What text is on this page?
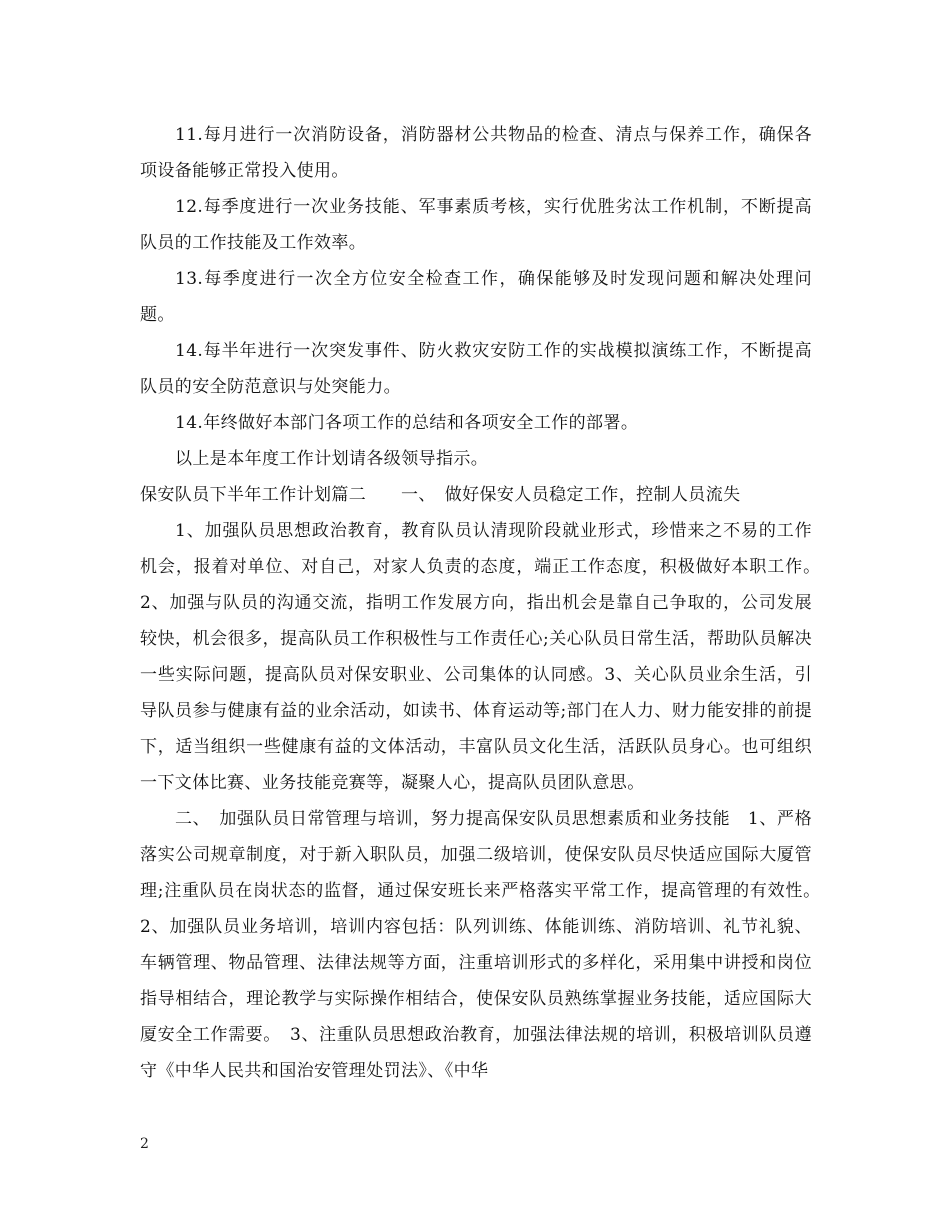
11.每月进行一次消防设备，消防器材公共物品的检查、清点与保养工作，确保各项设备能够正常投入使用。

12.每季度进行一次业务技能、军事素质考核，实行优胜劣汰工作机制，不断提高队员的工作技能及工作效率。

13.每季度进行一次全方位安全检查工作，确保能够及时发现问题和解决处理问题。

14.每半年进行一次突发事件、防火救灾安防工作的实战模拟演练工作，不断提高队员的安全防范意识与处突能力。

14.年终做好本部门各项工作的总结和各项安全工作的部署。

以上是本年度工作计划请各级领导指示。

保安队员下半年工作计划篇二　　一、　做好保安人员稳定工作，控制人员流失

1、加强队员思想政治教育，教育队员认清现阶段就业形式，珍惜来之不易的工作机会，报着对单位、对自己，对家人负责的态度，端正工作态度，积极做好本职工作。　2、加强与队员的沟通交流，指明工作发展方向，指出机会是靠自己争取的，公司发展较快，机会很多，提高队员工作积极性与工作责任心;关心队员日常生活，帮助队员解决一些实际问题，提高队员对保安职业、公司集体的认同感。3、关心队员业余生活，引导队员参与健康有益的业余活动，如读书、体育运动等;部门在人力、财力能安排的前提下，适当组织一些健康有益的文体活动，丰富队员文化生活，活跃队员身心。也可组织一下文体比赛、业务技能竞赛等，凝聚人心，提高队员团队意思。

二、　加强队员日常管理与培训，努力提高保安队员思想素质和业务技能　1、严格落实公司规章制度，对于新入职队员，加强二级培训，使保安队员尽快适应国际大厦管理;注重队员在岗状态的监督，通过保安班长来严格落实平常工作，提高管理的有效性。　2、加强队员业务培训，培训内容包括：队列训练、体能训练、消防培训、礼节礼貌、车辆管理、物品管理、法律法规等方面，注重培训形式的多样化，采用集中讲授和岗位指导相结合，理论教学与实际操作相结合，使保安队员熟练掌握业务技能，适应国际大厦安全工作需要。　3、注重队员思想政治教育，加强法律法规的培训，积极培训队员遵守《中华人民共和国治安管理处罚法》、《中华

2
